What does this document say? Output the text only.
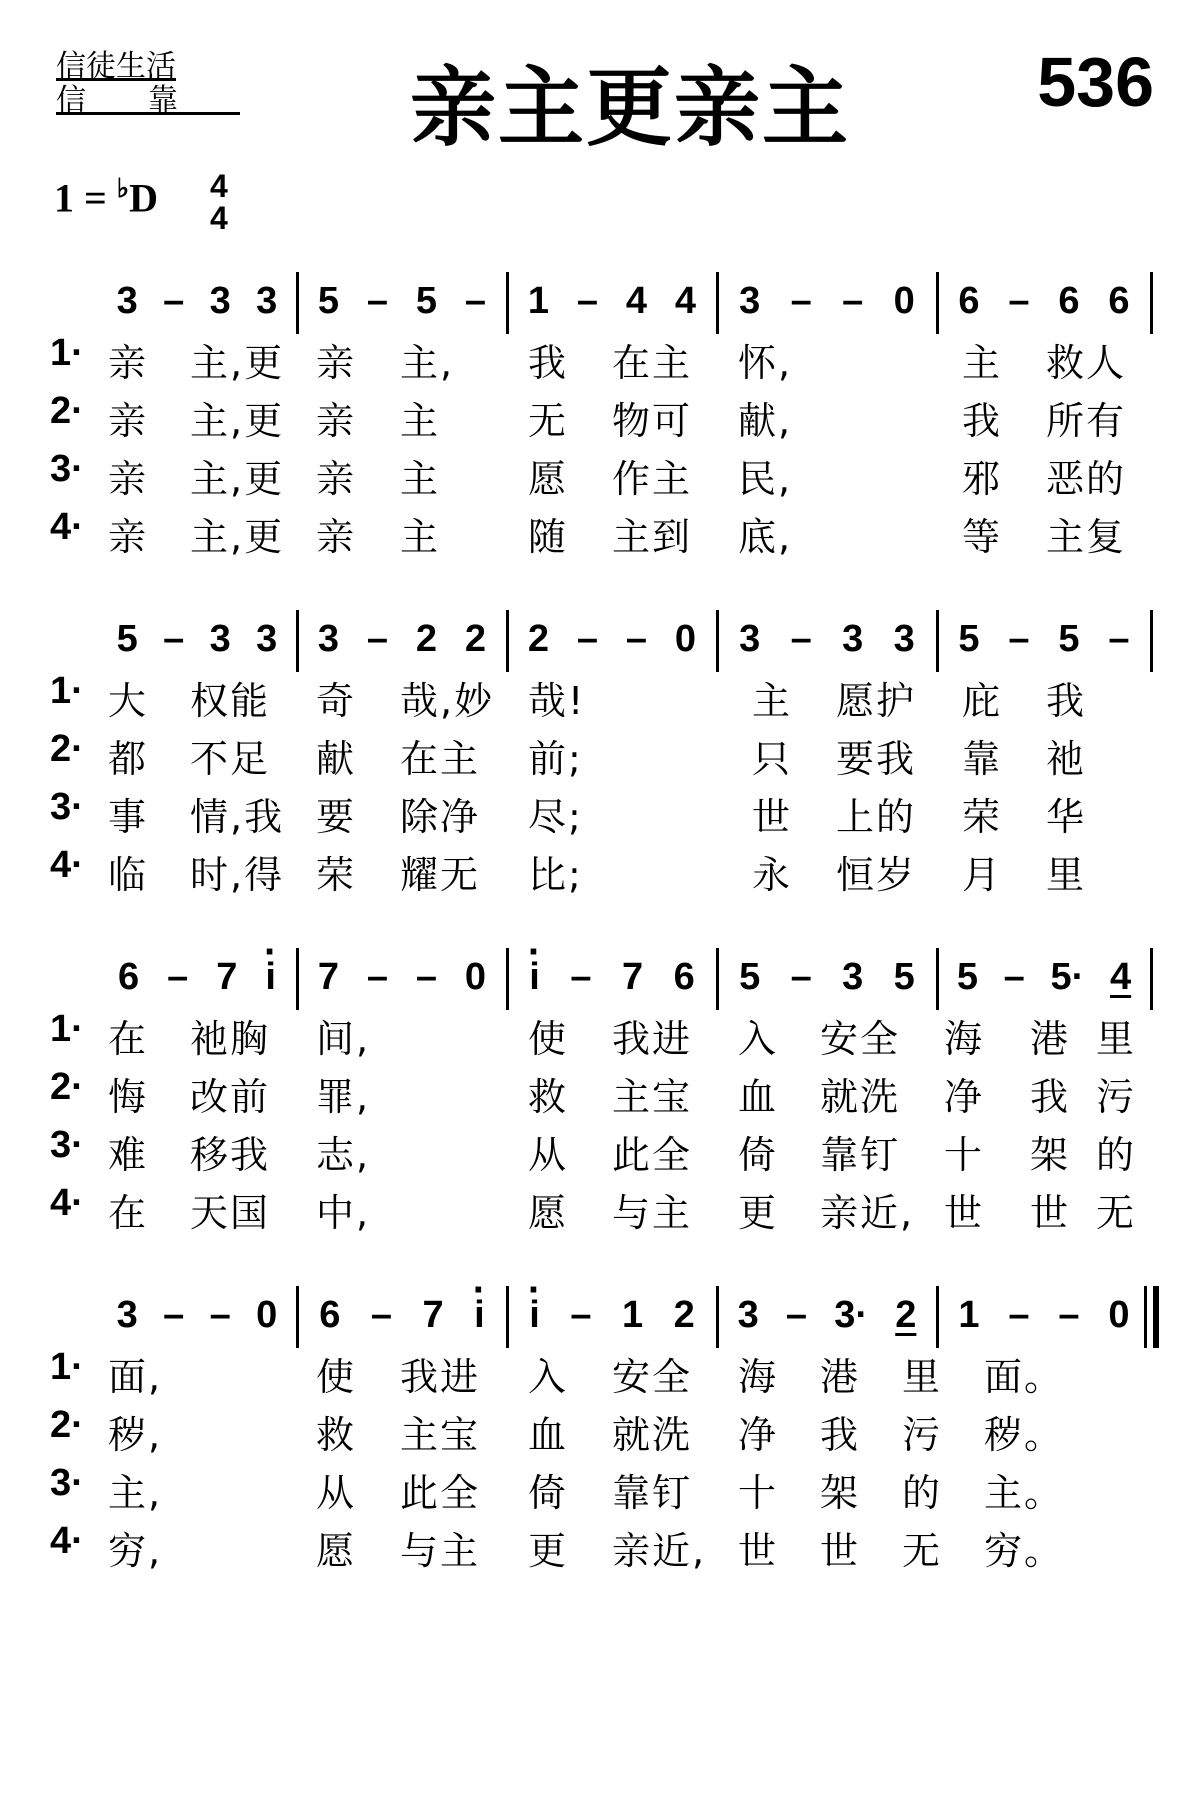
信徒生活
信靠	亲主更亲主	536
1 = ♭D 4
4
3 – 3 3 5 – 5 – 1 – 4 4 3 – – 0 6 – 6 6
1· 亲 主,更 亲 主, 我 在主 怀,	主 救人
2· 亲 主,更 亲 主 无 物可 献,	我 所有
3· 亲 主,更 亲 主 愿 作主 民,	邪 恶的
4· 亲 主,更 亲 主 随 主到 底,	等 主复
5 – 3 3 3 – 2 2 2 – – 0 3 – 3 3 5 – 5 –
1· 大 权能 奇 哉,妙 哉!	主 愿护 庇 我
2· 都 不足 献 在主 前;	只 要我 靠 祂
3· 事 情,我 要 除净 尽;	世 上的 荣 华
4· 临 时,得 荣 耀无 比;	永 恒岁 月 里
6 – 7 i · 7 – – 0 i · – 7 6 5 – 3 5 5 – 5· 4
1· 在 祂胸 间,	使 我进 入 安全 海 港 里
2· 悔 改前 罪,	救 主宝 血 就洗 净 我 污
3· 难 移我 志,	从 此全 倚 靠钉 十 架 的
4· 在 天国 中,	愿 与主 更 亲近, 世 世 无
3 – – 0 6 – 7 i · i · – 1 2 3 – 3· 2 1 – – 0
1· 面,	使 我进 入 安全 海 港 里 面。
2· 秽,	救 主宝 血 就洗 净 我 污 秽。
3· 主,	从 此全 倚 靠钉 十 架 的 主。
4· 穷,	愿 与主 更 亲近, 世 世 无 穷。
